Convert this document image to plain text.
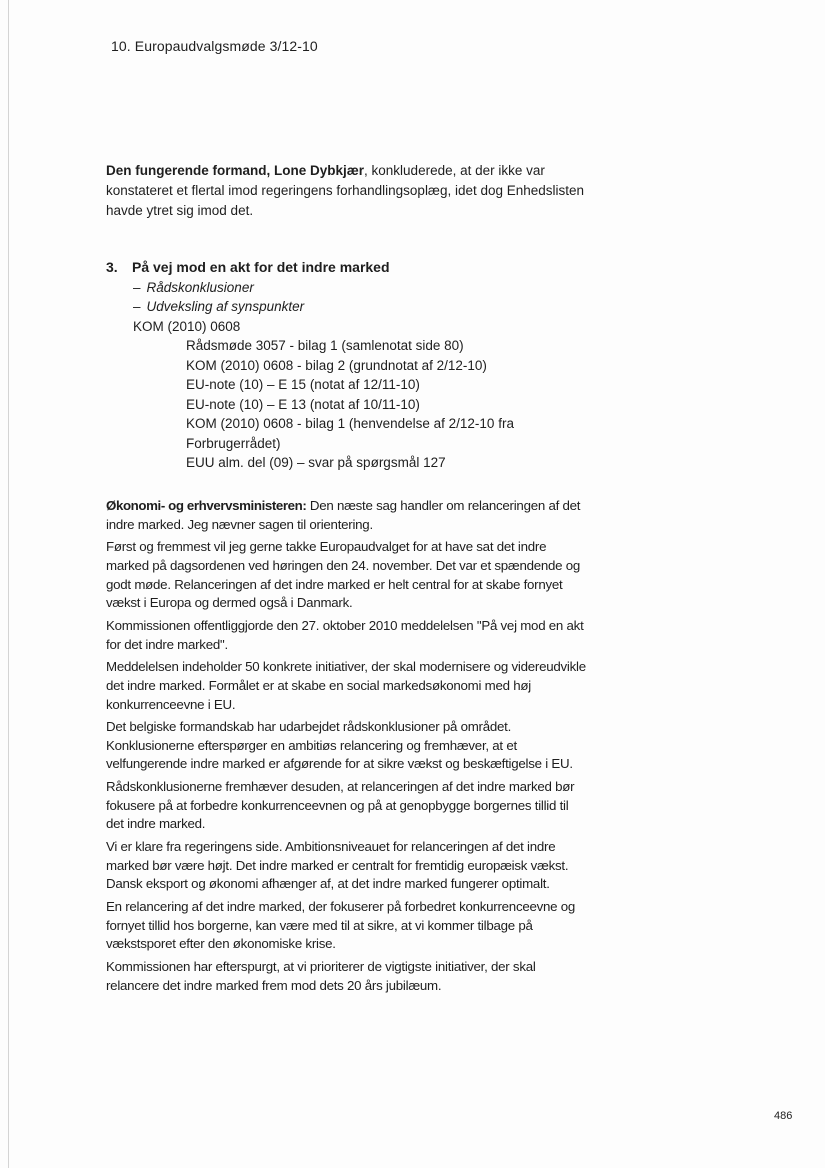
10. Europaudvalgsmøde 3/12-10
Den fungerende formand, Lone Dybkjær, konkluderede, at der ikke var konstateret et flertal imod regeringens forhandlingsoplæg, idet dog Enhedslisten havde ytret sig imod det.
3.	På vej mod en akt for det indre marked
– Rådskonklusioner
– Udveksling af synspunkter
KOM (2010) 0608
Rådsmøde 3057 - bilag 1 (samlenotat side 80)
KOM (2010) 0608 - bilag 2 (grundnotat af 2/12-10)
EU-note (10) – E 15 (notat af 12/11-10)
EU-note (10) – E 13 (notat af 10/11-10)
KOM (2010) 0608 - bilag 1 (henvendelse af 2/12-10 fra Forbrugerrådet)
EUU alm. del (09) – svar på spørgsmål 127

Økonomi- og erhvervsministeren: Den næste sag handler om relanceringen af det indre marked. Jeg nævner sagen til orientering.

Først og fremmest vil jeg gerne takke Europaudvalget for at have sat det indre marked på dagsordenen ved høringen den 24. november. Det var et spændende og godt møde. Relanceringen af det indre marked er helt central for at skabe fornyet vækst i Europa og dermed også i Danmark.

Kommissionen offentliggjorde den 27. oktober 2010 meddelelsen "På vej mod en akt for det indre marked".

Meddelelsen indeholder 50 konkrete initiativer, der skal modernisere og videreudvikle det indre marked. Formålet er at skabe en social markedsøkonomi med høj konkurrenceevne i EU.

Det belgiske formandskab har udarbejdet rådskonklusioner på området. Konklusionerne efterspørger en ambitiøs relancering og fremhæver, at et velfungerende indre marked er afgørende for at sikre vækst og beskæftigelse i EU.

Rådskonklusionerne fremhæver desuden, at relanceringen af det indre marked bør fokusere på at forbedre konkurrenceevnen og på at genopbygge borgernes tillid til det indre marked.

Vi er klare fra regeringens side. Ambitionsniveauet for relanceringen af det indre marked bør være højt. Det indre marked er centralt for fremtidig europæisk vækst. Dansk eksport og økonomi afhænger af, at det indre marked fungerer optimalt.

En relancering af det indre marked, der fokuserer på forbedret konkurrenceevne og fornyet tillid hos borgerne, kan være med til at sikre, at vi kommer tilbage på vækstsporet efter den økonomiske krise.

Kommissionen har efterspurgt, at vi prioriterer de vigtigste initiativer, der skal relancere det indre marked frem mod dets 20 års jubilæum.

486
